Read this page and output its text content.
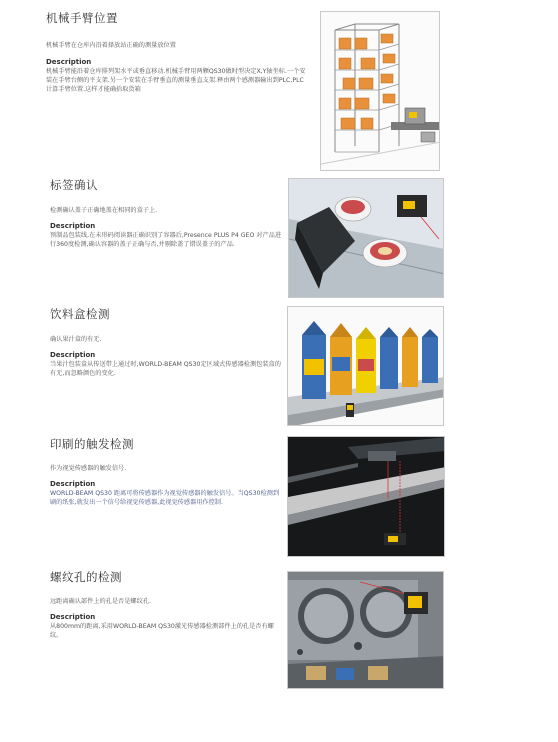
机械手臂位置
机械手臂在仓库内沿着择放站正确的测量放位置
Description
机械手臂能沿着仓库排列架水平或垂直移动.机械手臂用两颗QS30做时型决定X,Y轴坐标.一个安装在手臂台侧的平支架.另一个安装在手臂垂直的测量垂直支架.释由两个感测器输出到PLC,PLC计算手臂位置.这样才能确拾取货箱
标签确认
检测确认盖子正确地盖在相同的盒子上.
Description
预制品包装线,在未形码阅读器正确识别了容器后,Presence PLUS P4 GEO 对产品进行360度检测,确认容器的盖子正确与否,并剔除盖了错误盖子的产品.
饮料盒检测
确认果汁盒的有无.
Description
当果汁包装盒从传送带上通过时,WORLD-BEAM QS30定区域式传感器检测包装盒的有无,而忽略颜色的变化.
印刷的触发检测
作为视觉传感器的触发信号.
Description
WORLD-BEAM QS30 距离可将传感器作为视觉传感器的触发信号。当QS30检测到刷的纸张,就发出一个信号给视觉传感器,此视觉传感器用作控制.
螺纹孔的检测
远距离确认部件上的孔是否是螺纹孔.
Description
从800mm的距离,采用WORLD-BEAM QS30激光传感器检测部件上的孔是否有螺纹。
